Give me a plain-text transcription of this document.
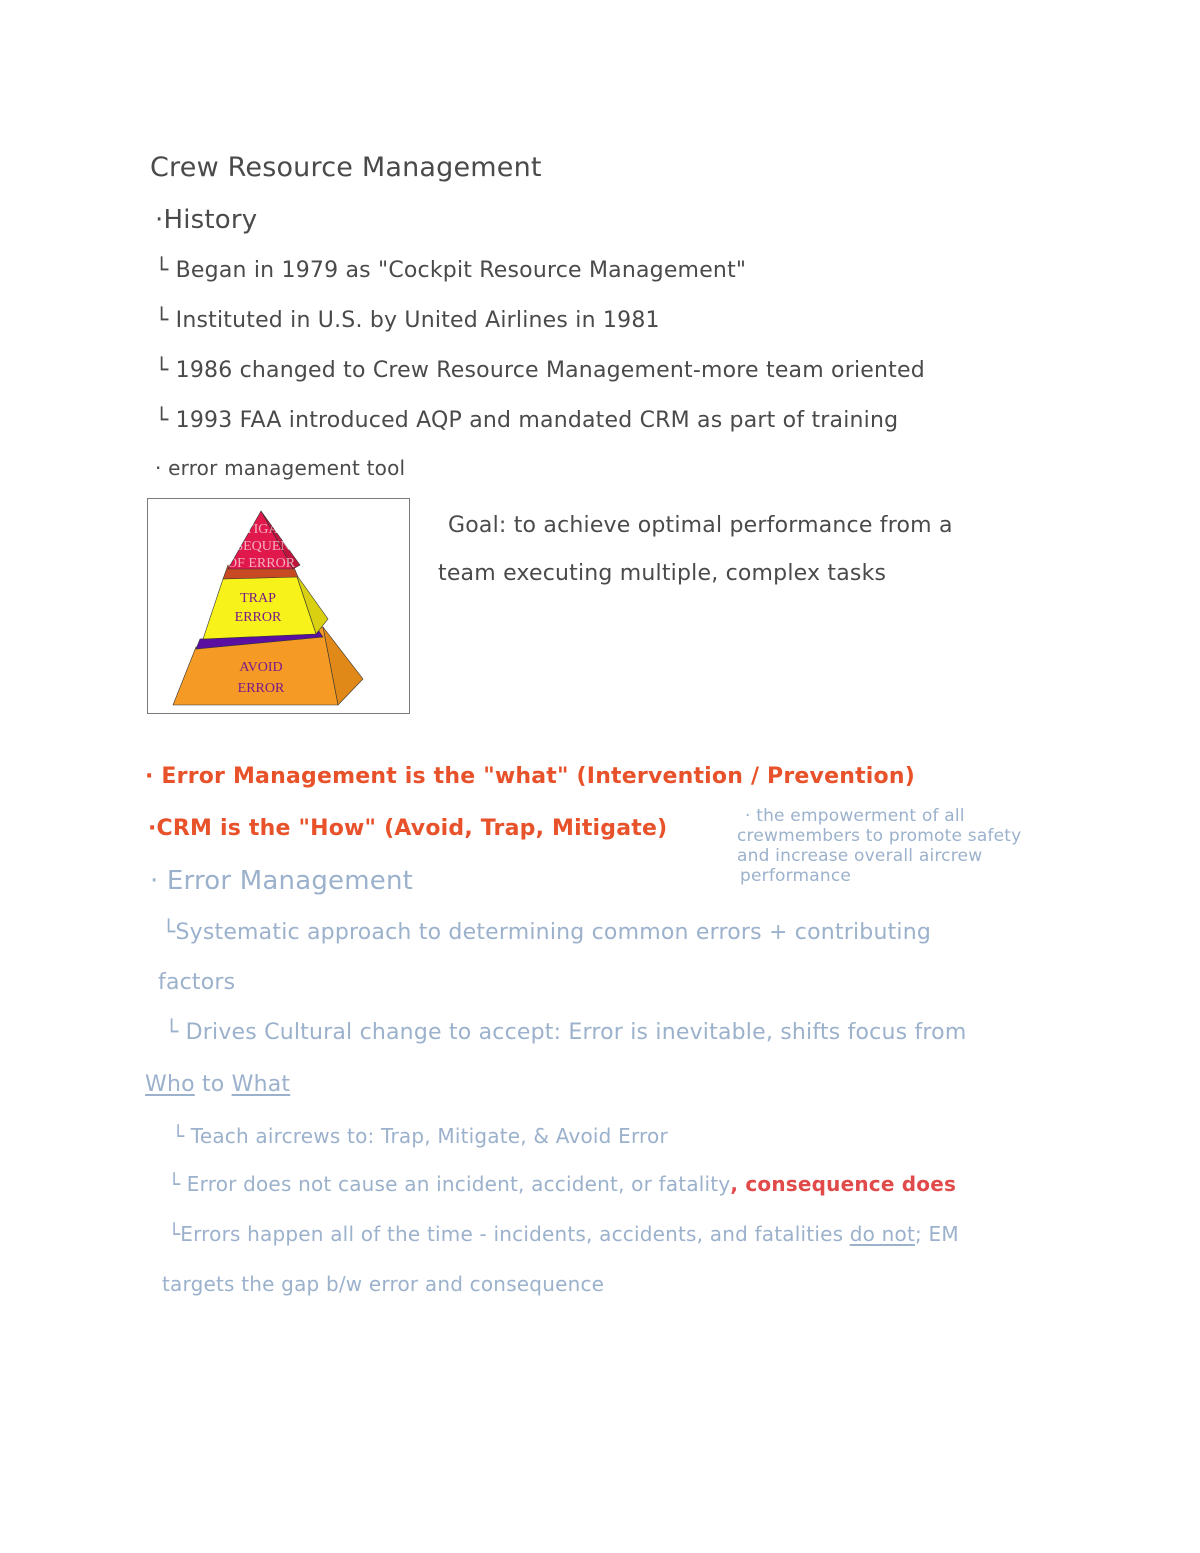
Crew Resource Management
·History
└ Began in 1979 as "Cockpit Resource Management"
└ Instituted in U.S. by United Airlines in 1981
└ 1986 changed to Crew Resource Management-more team oriented
└ 1993 FAA introduced AQP and mandated CRM as part of training
· error management tool
MITIGATE
CONSEQUENCES
OF ERROR
TRAP
ERROR
AVOID
ERROR
Goal: to achieve optimal performance from a
team executing multiple, complex tasks
· Error Management is the "what" (Intervention / Prevention)
·CRM is the "How" (Avoid, Trap, Mitigate)	· the empowerment of all
crewmembers to promote safety
and increase overall aircrew
performance
· Error Management
└Systematic approach to determining common errors + contributing
factors
└ Drives Cultural change to accept: Error is inevitable, shifts focus from
Who to What
└ Teach aircrews to: Trap, Mitigate, & Avoid Error
└ Error does not cause an incident, accident, or fatality, consequence does
└Errors happen all of the time - incidents, accidents, and fatalities do not; EM
targets the gap b/w error and consequence
